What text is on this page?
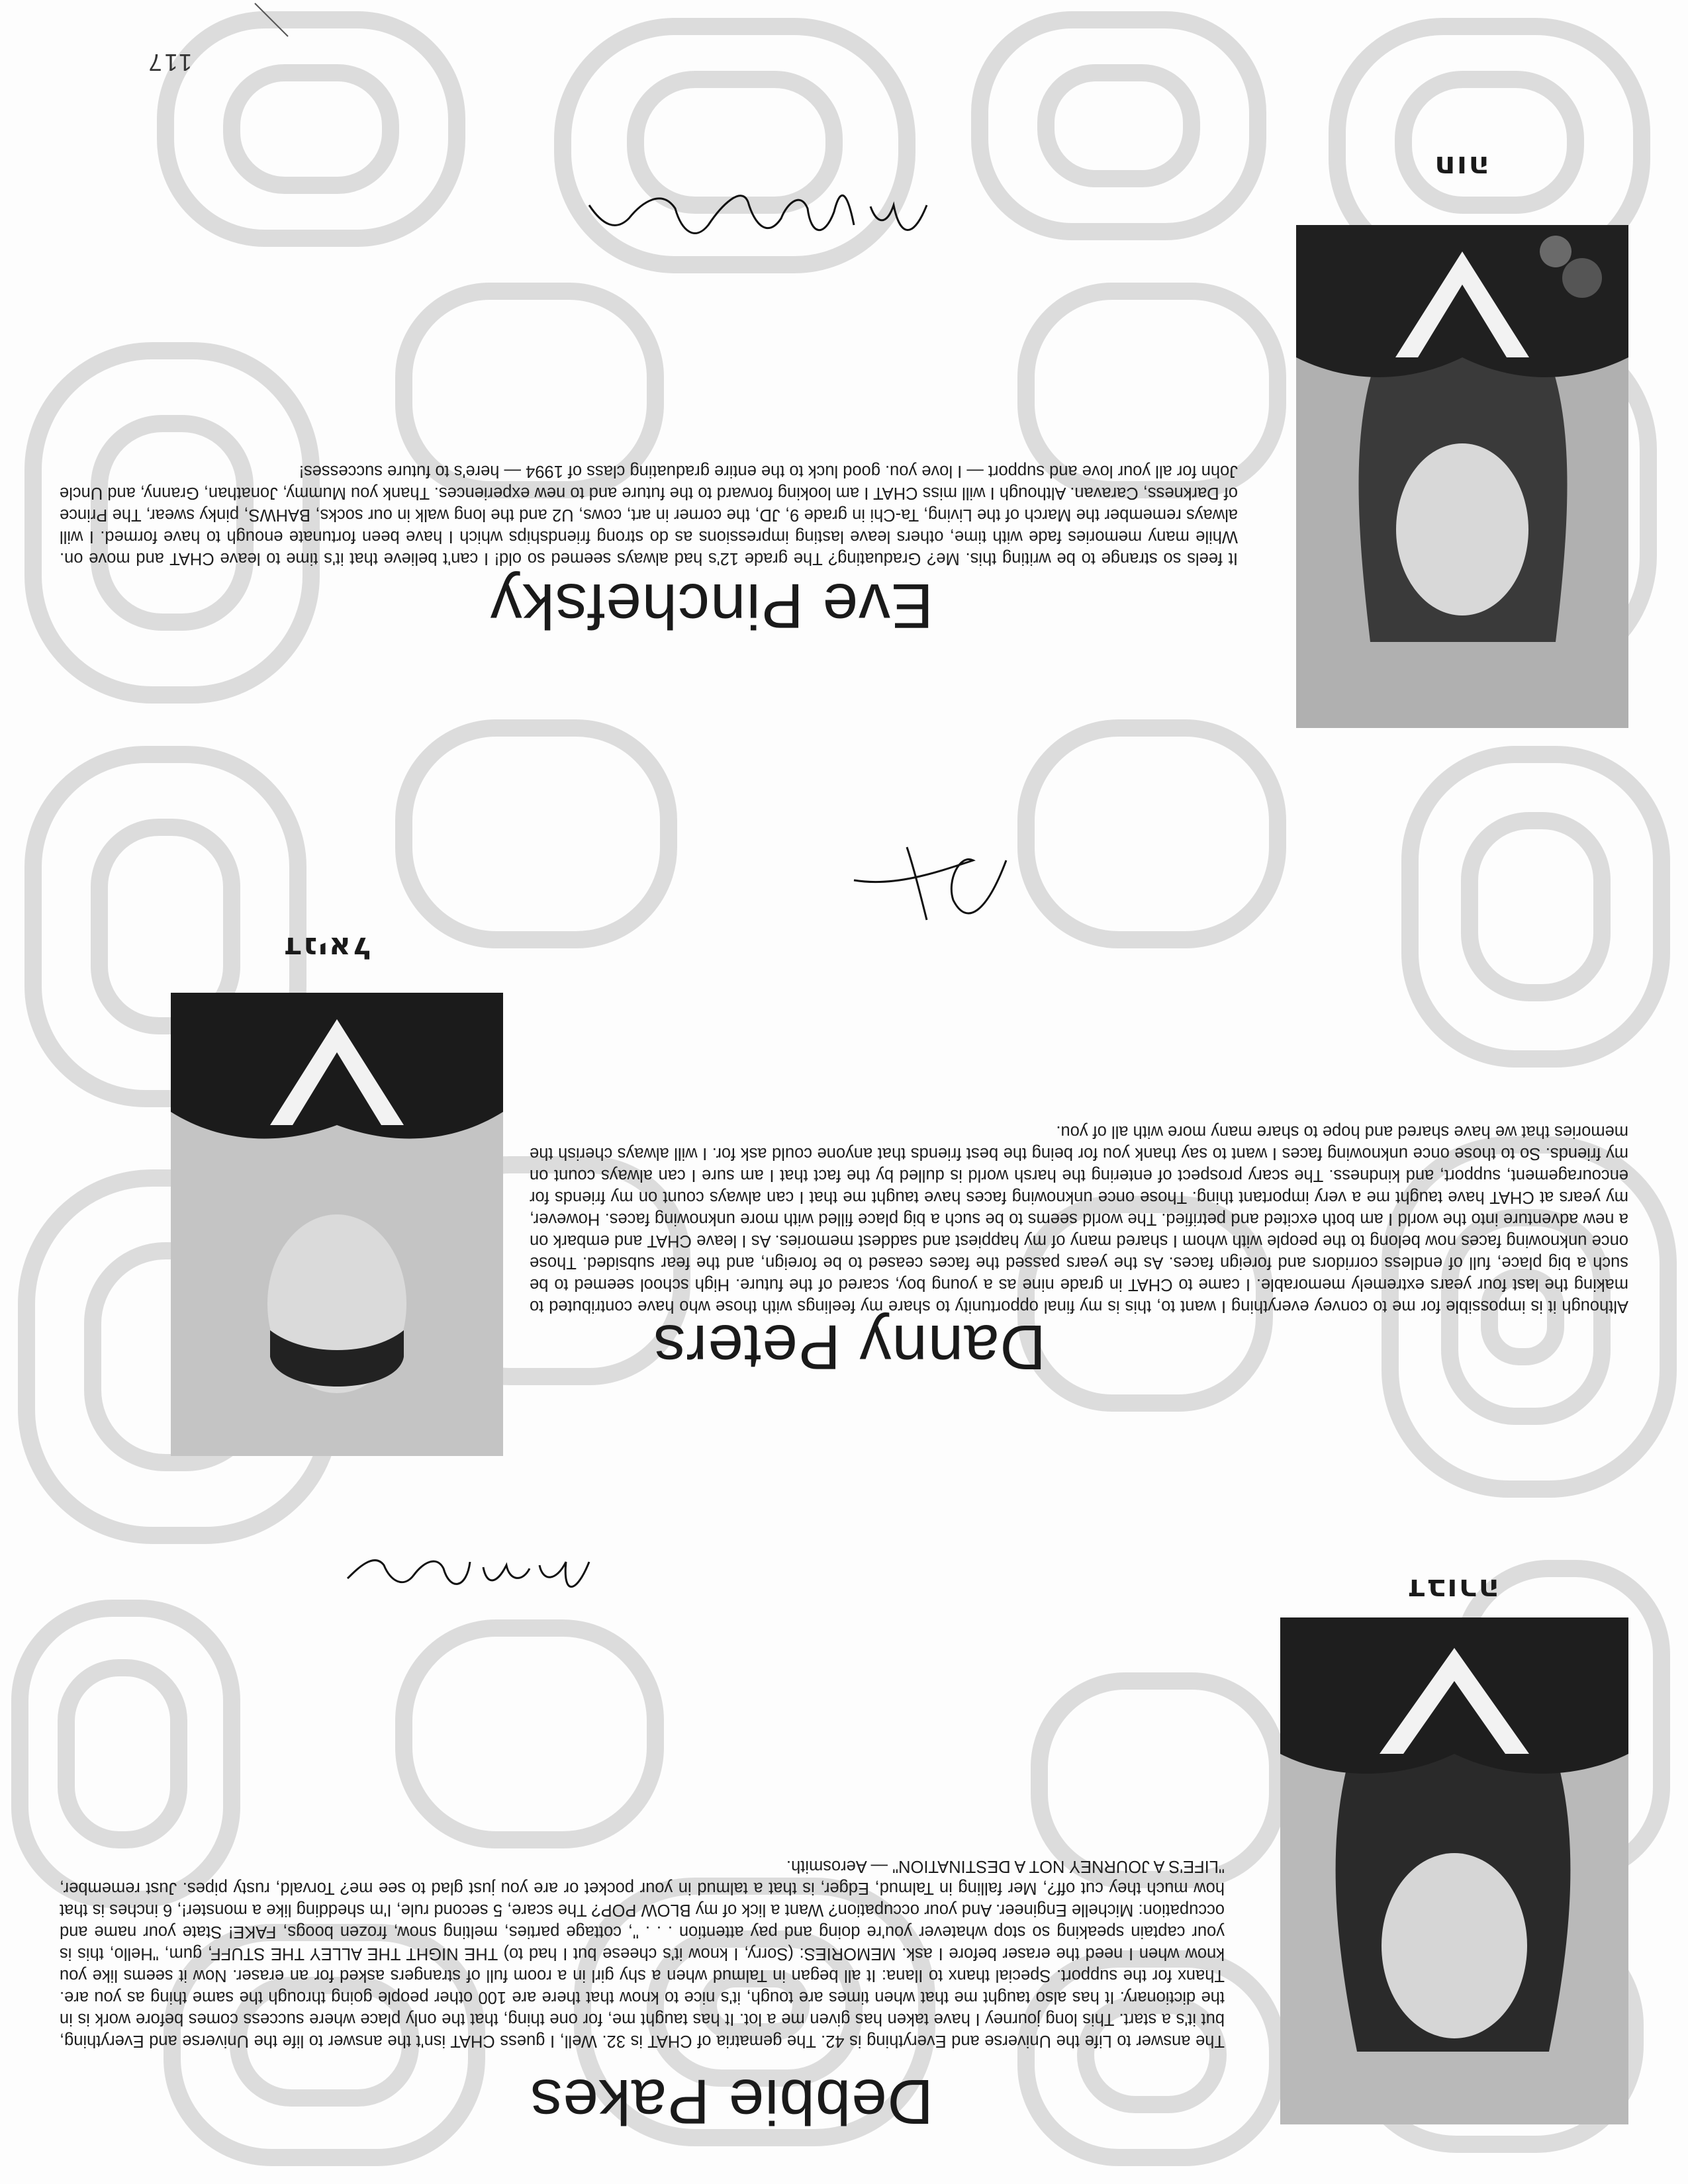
דבורה
Debbie Pakes

The answer to Life the Universe and Everything is 42. The gematria of CHAT is 32. Well, I guess CHAT isn't the answer to life the Universe and Everything, but it's a start. This long journey I have taken has given me a lot. It has taught me, for one thing, that the only place where success comes before work is in the dictionary. It has also taught me that when times are tough, it's nice to know that there are 100 other people going through the same thing as you are. Thanx for the support. Special thanx to Ilana: It all began in Talmud when a shy girl in a room full of strangers asked for an eraser. Now it seems like you know when I need the eraser before I ask. MEMORIES: (Sorry, I know it's cheese but I had to) THE NIGHT THE ALLEY THE STUFF, gum, "Hello, this is your captain speaking so stop whatever you're doing and pay attention . . . ", cottage parties, melting snow, frozen boogs, FAKE! State your name and occupation: Michelle Engineer. And your occupation? Want a lick of my BLOW POP? The scare, 5 second rule, I'm shedding like a monster!, 6 inches is that how much they cut off?, Mer falling in Talmud, Edger, is that a talmud in your pocket or are you just glad to see me? Torvald, rusty pipes. Just remember, "LIFE'S A JOURNEY NOT A DESTINATION" — Aerosmith.

דניאל
Danny Peters

Although it is impossible for me to convey everything I want to, this is my final opportunity to share my feelings with those who have contributed to making the last four years extremely memorable. I came to CHAT in grade nine as a young boy, scared of the future. High school seemed to be such a big place, full of endless corridors and foreign faces. As the years passed the faces ceased to be foreign, and the fear subsided. Those once unknowing faces now belong to the people with whom I shared many of my happiest and saddest memories. As I leave CHAT and embark on a new adventure into the world I am both excited and petrified. The world seems to be such a big place filled with more unknowing faces. However, my years at CHAT have taught me a very important thing. Those once unknowing faces have taught me that I can always count on my friends for encouragement, support, and kindness. The scary prospect of entering the harsh world is dulled by the fact that I am sure I can always count on my friends. So to those once unknowing faces I want to say thank you for being the best friends that anyone could ask for. I will always cherish the memories that we have shared and hope to share many more with all of you.

חוה
Eve Pinchefsky

It feels so strange to be writing this. Me? Graduating? The grade 12's had always seemed so old! I can't believe that it's time to leave CHAT and move on. While many memories fade with time, others leave lasting impressions as do strong friendships which I have been fortunate enough to have formed. I will always remember the March of the Living, Ta-Chi in grade 9, JD, the corner in art, cows, U2 and the long walk in our socks, BAHWS, pinky swear, The Prince of Darkness, Caravan. Although I will miss CHAT I am looking forward to the future and to new experiences. Thank you Mummy, Jonathan, Granny, and Uncle John for all your love and support — I love you. good luck to the entire graduating class of 1994 — here's to future successes!

117
